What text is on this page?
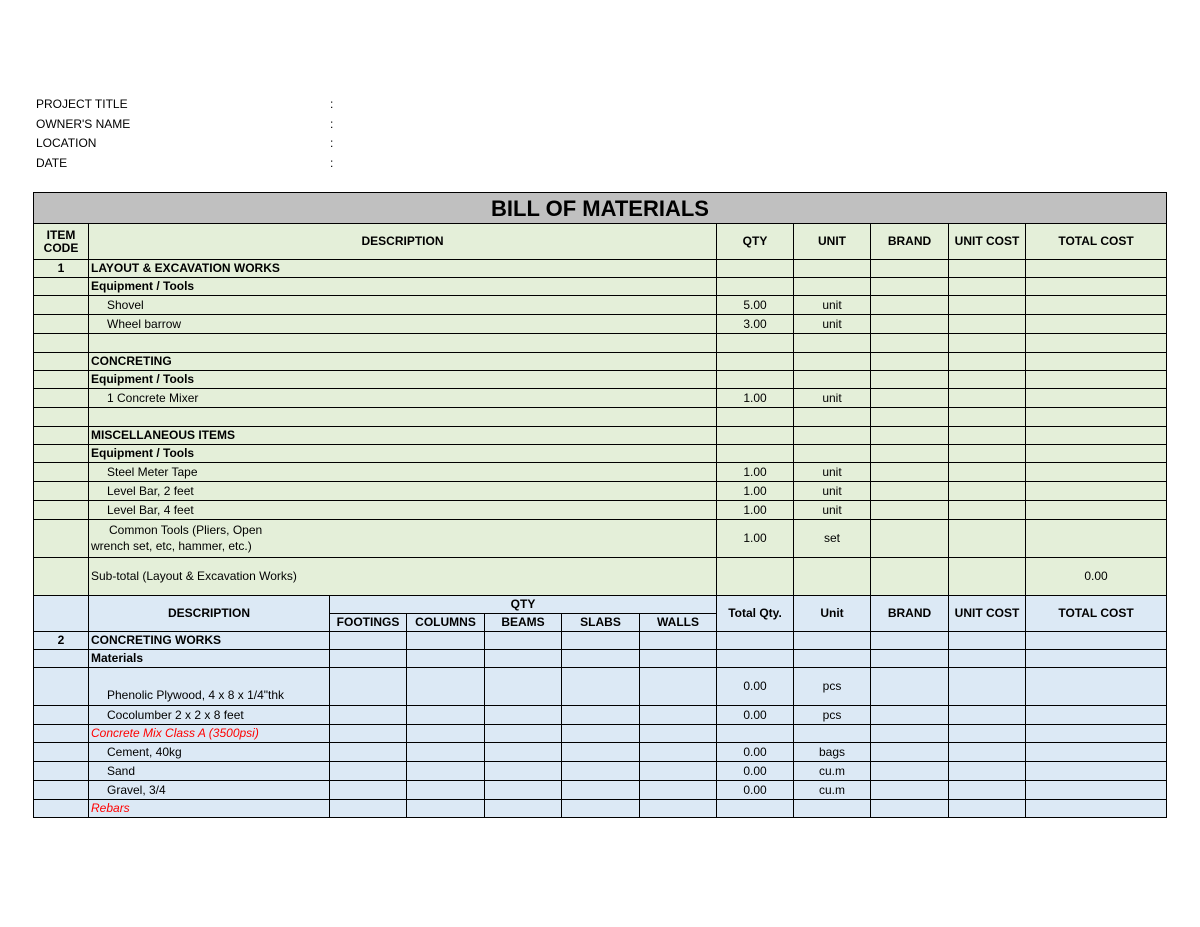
PROJECT TITLE	:
OWNER'S NAME	:
LOCATION	:
DATE	:
BILL OF MATERIALS											
ITEM CODE	DESCRIPTION						QTY	UNIT	BRAND	UNIT COST	TOTAL COST
1	LAYOUT & EXCAVATION WORKS										
	Equipment / Tools										
	Shovel						5.00	unit			
	Wheel barrow						3.00	unit			

	CONCRETING										
	Equipment / Tools										
	1 Concrete Mixer						1.00	unit			

	MISCELLANEOUS ITEMS										
	Equipment / Tools										
	Steel Meter Tape						1.00	unit			
	Level Bar, 2 feet						1.00	unit			
	Level Bar, 4 feet						1.00	unit			

	Common Tools (Pliers, Open
wrench set, etc, hammer, etc.)						1.00	set			
	Sub-total (Layout & Excavation Works)										0.00
	DESCRIPTION	QTY					Total Qty.	Unit	BRAND	UNIT COST	TOTAL COST
		FOOTINGS	COLUMNS	BEAMS	SLABS	WALLS					
2	CONCRETING WORKS										
	Materials										
	Phenolic Plywood, 4 x 8 x 1/4"thk						0.00	pcs			
	Cocolumber 2 x 2 x 8 feet						0.00	pcs			
	Concrete Mix Class A (3500psi)										
	Cement, 40kg						0.00	bags			
	Sand						0.00	cu.m			
	Gravel, 3/4						0.00	cu.m			
	Rebars										
